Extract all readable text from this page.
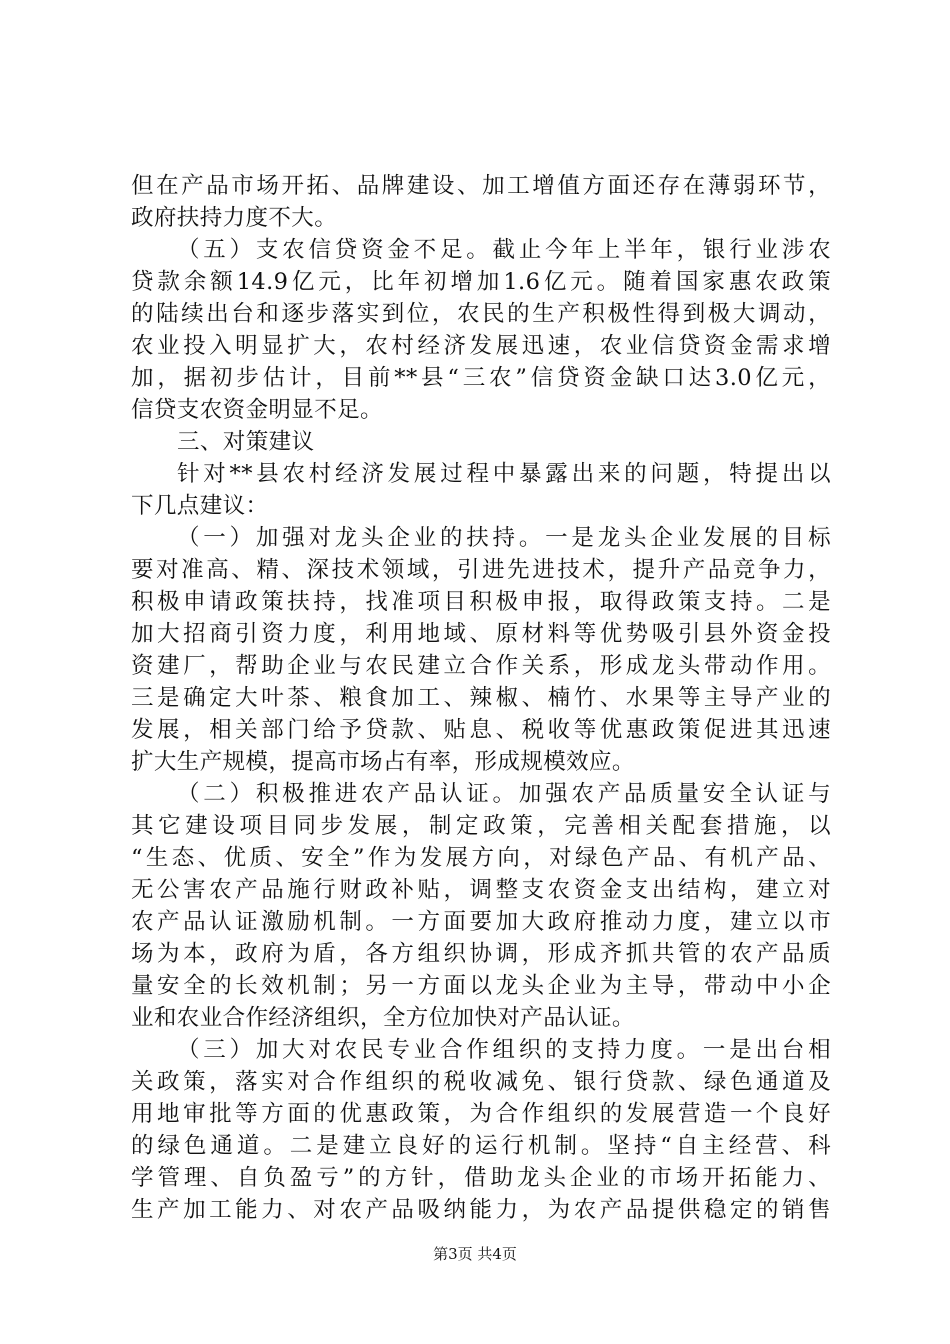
但在产品市场开拓、品牌建设、加工增值方面还存在薄弱环节，
政府扶持力度不大。
（五）支农信贷资金不足。截止今年上半年，银行业涉农
贷款余额14.9亿元，比年初增加1.6亿元。随着国家惠农政策
的陆续出台和逐步落实到位，农民的生产积极性得到极大调动，
农业投入明显扩大，农村经济发展迅速，农业信贷资金需求增
加，据初步估计，目前**县“三农”信贷资金缺口达3.0亿元，
信贷支农资金明显不足。
三、对策建议
针对**县农村经济发展过程中暴露出来的问题，特提出以
下几点建议：
（一）加强对龙头企业的扶持。一是龙头企业发展的目标
要对准高、精、深技术领域，引进先进技术，提升产品竞争力，
积极申请政策扶持，找准项目积极申报，取得政策支持。二是
加大招商引资力度，利用地域、原材料等优势吸引县外资金投
资建厂，帮助企业与农民建立合作关系，形成龙头带动作用。
三是确定大叶茶、粮食加工、辣椒、楠竹、水果等主导产业的
发展，相关部门给予贷款、贴息、税收等优惠政策促进其迅速
扩大生产规模，提高市场占有率，形成规模效应。
（二）积极推进农产品认证。加强农产品质量安全认证与
其它建设项目同步发展，制定政策，完善相关配套措施，以
“生态、优质、安全”作为发展方向，对绿色产品、有机产品、
无公害农产品施行财政补贴，调整支农资金支出结构，建立对
农产品认证激励机制。一方面要加大政府推动力度，建立以市
场为本，政府为盾，各方组织协调，形成齐抓共管的农产品质
量安全的长效机制；另一方面以龙头企业为主导，带动中小企
业和农业合作经济组织，全方位加快对产品认证。
（三）加大对农民专业合作组织的支持力度。一是出台相
关政策，落实对合作组织的税收减免、银行贷款、绿色通道及
用地审批等方面的优惠政策，为合作组织的发展营造一个良好
的绿色通道。二是建立良好的运行机制。坚持“自主经营、科
学管理、自负盈亏”的方针，借助龙头企业的市场开拓能力、
生产加工能力、对农产品吸纳能力，为农产品提供稳定的销售
第3页 共4页
